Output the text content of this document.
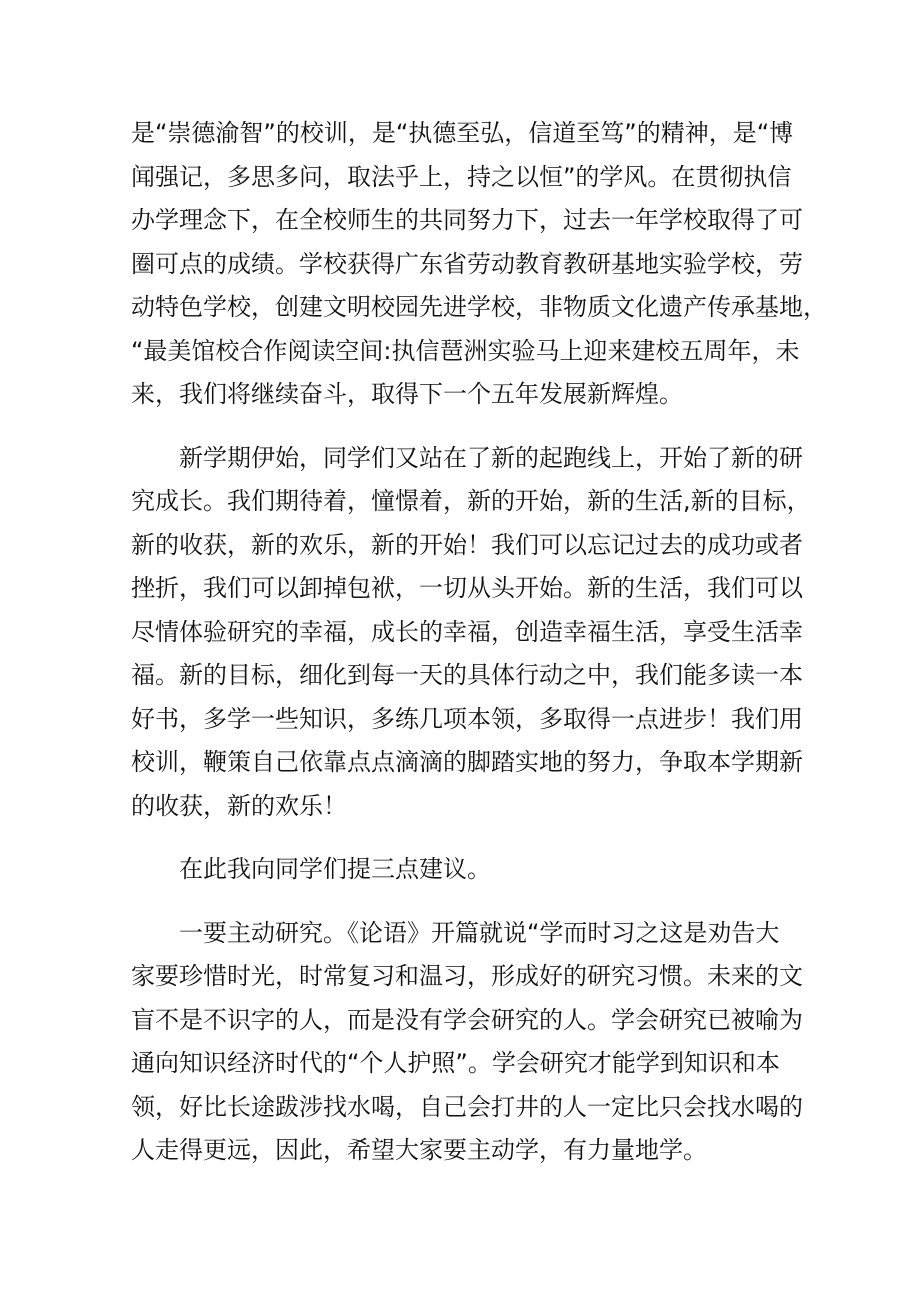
是“崇德渝智”的校训，是“执德至弘，信道至笃”的精神，是“博
闻强记，多思多问，取法乎上，持之以恒”的学风。在贯彻执信
办学理念下，在全校师生的共同努力下，过去一年学校取得了可
圈可点的成绩。学校获得广东省劳动教育教研基地实验学校，劳
动特色学校，创建文明校园先进学校，非物质文化遗产传承基地，
“最美馆校合作阅读空间:执信琶洲实验马上迎来建校五周年，未
来，我们将继续奋斗，取得下一个五年发展新辉煌。

新学期伊始，同学们又站在了新的起跑线上，开始了新的研
究成长。我们期待着，憧憬着，新的开始，新的生活,新的目标，
新的收获，新的欢乐，新的开始！我们可以忘记过去的成功或者
挫折，我们可以卸掉包袱，一切从头开始。新的生活，我们可以
尽情体验研究的幸福，成长的幸福，创造幸福生活，享受生活幸
福。新的目标，细化到每一天的具体行动之中，我们能多读一本
好书，多学一些知识，多练几项本领，多取得一点进步！我们用
校训，鞭策自己依靠点点滴滴的脚踏实地的努力，争取本学期新
的收获，新的欢乐！

在此我向同学们提三点建议。

一要主动研究。《论语》开篇就说“学而时习之这是劝告大
家要珍惜时光，时常复习和温习，形成好的研究习惯。未来的文
盲不是不识字的人，而是没有学会研究的人。学会研究已被喻为
通向知识经济时代的“个人护照”。学会研究才能学到知识和本
领，好比长途跋涉找水喝，自己会打井的人一定比只会找水喝的
人走得更远，因此，希望大家要主动学，有力量地学。
